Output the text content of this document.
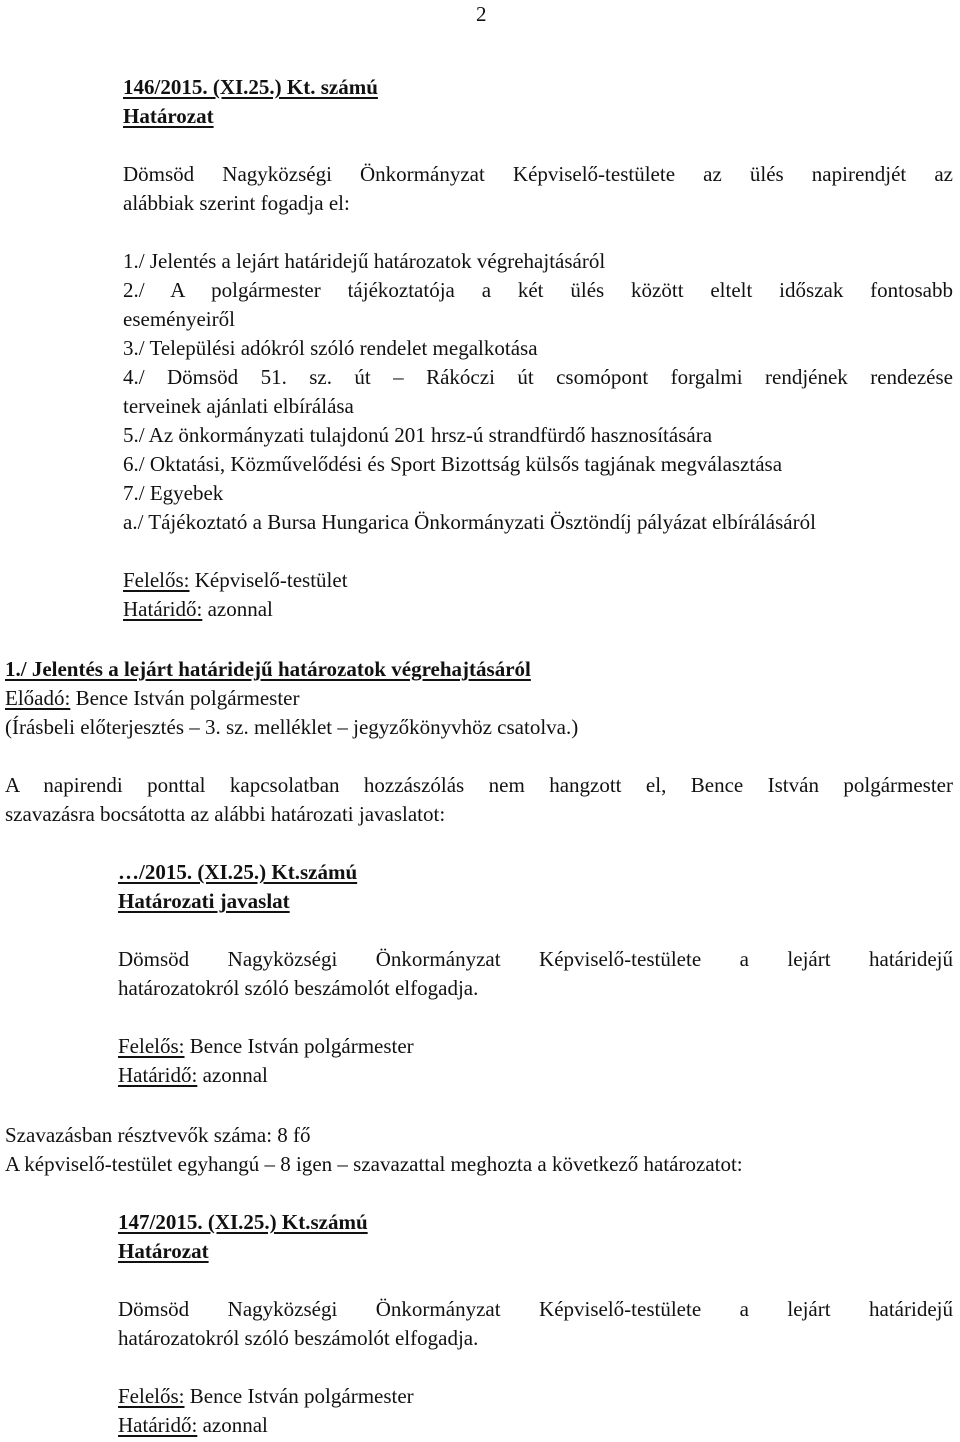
2
146/2015. (XI.25.) Kt. számú
Határozat
Dömsöd Nagyközségi Önkormányzat Képviselő-testülete az ülés napirendjét az
alábbiak szerint fogadja el:
1./ Jelentés a lejárt határidejű határozatok végrehajtásáról
2./ A polgármester tájékoztatója a két ülés között eltelt időszak fontosabb
eseményeiről
3./ Települési adókról szóló rendelet megalkotása
4./ Dömsöd 51. sz. út – Rákóczi út csomópont forgalmi rendjének rendezése
terveinek ajánlati elbírálása
5./ Az önkormányzati tulajdonú 201 hrsz-ú strandfürdő hasznosítására
6./ Oktatási, Közművelődési és Sport Bizottság külsős tagjának megválasztása
7./ Egyebek
a./ Tájékoztató a Bursa Hungarica Önkormányzati Ösztöndíj pályázat elbírálásáról
Felelős: Képviselő-testület
Határidő: azonnal
1./ Jelentés a lejárt határidejű határozatok végrehajtásáról
Előadó: Bence István polgármester
(Írásbeli előterjesztés – 3. sz. melléklet – jegyzőkönyvhöz csatolva.)
A napirendi ponttal kapcsolatban hozzászólás nem hangzott el, Bence István polgármester
szavazásra bocsátotta az alábbi határozati javaslatot:
…/2015. (XI.25.) Kt.számú
Határozati javaslat
Dömsöd Nagyközségi Önkormányzat Képviselő-testülete a lejárt határidejű
határozatokról szóló beszámolót elfogadja.
Felelős: Bence István polgármester
Határidő: azonnal
Szavazásban résztvevők száma: 8 fő
A képviselő-testület egyhangú – 8 igen – szavazattal meghozta a következő határozatot:
147/2015. (XI.25.) Kt.számú
Határozat
Dömsöd Nagyközségi Önkormányzat Képviselő-testülete a lejárt határidejű
határozatokról szóló beszámolót elfogadja.
Felelős: Bence István polgármester
Határidő: azonnal
